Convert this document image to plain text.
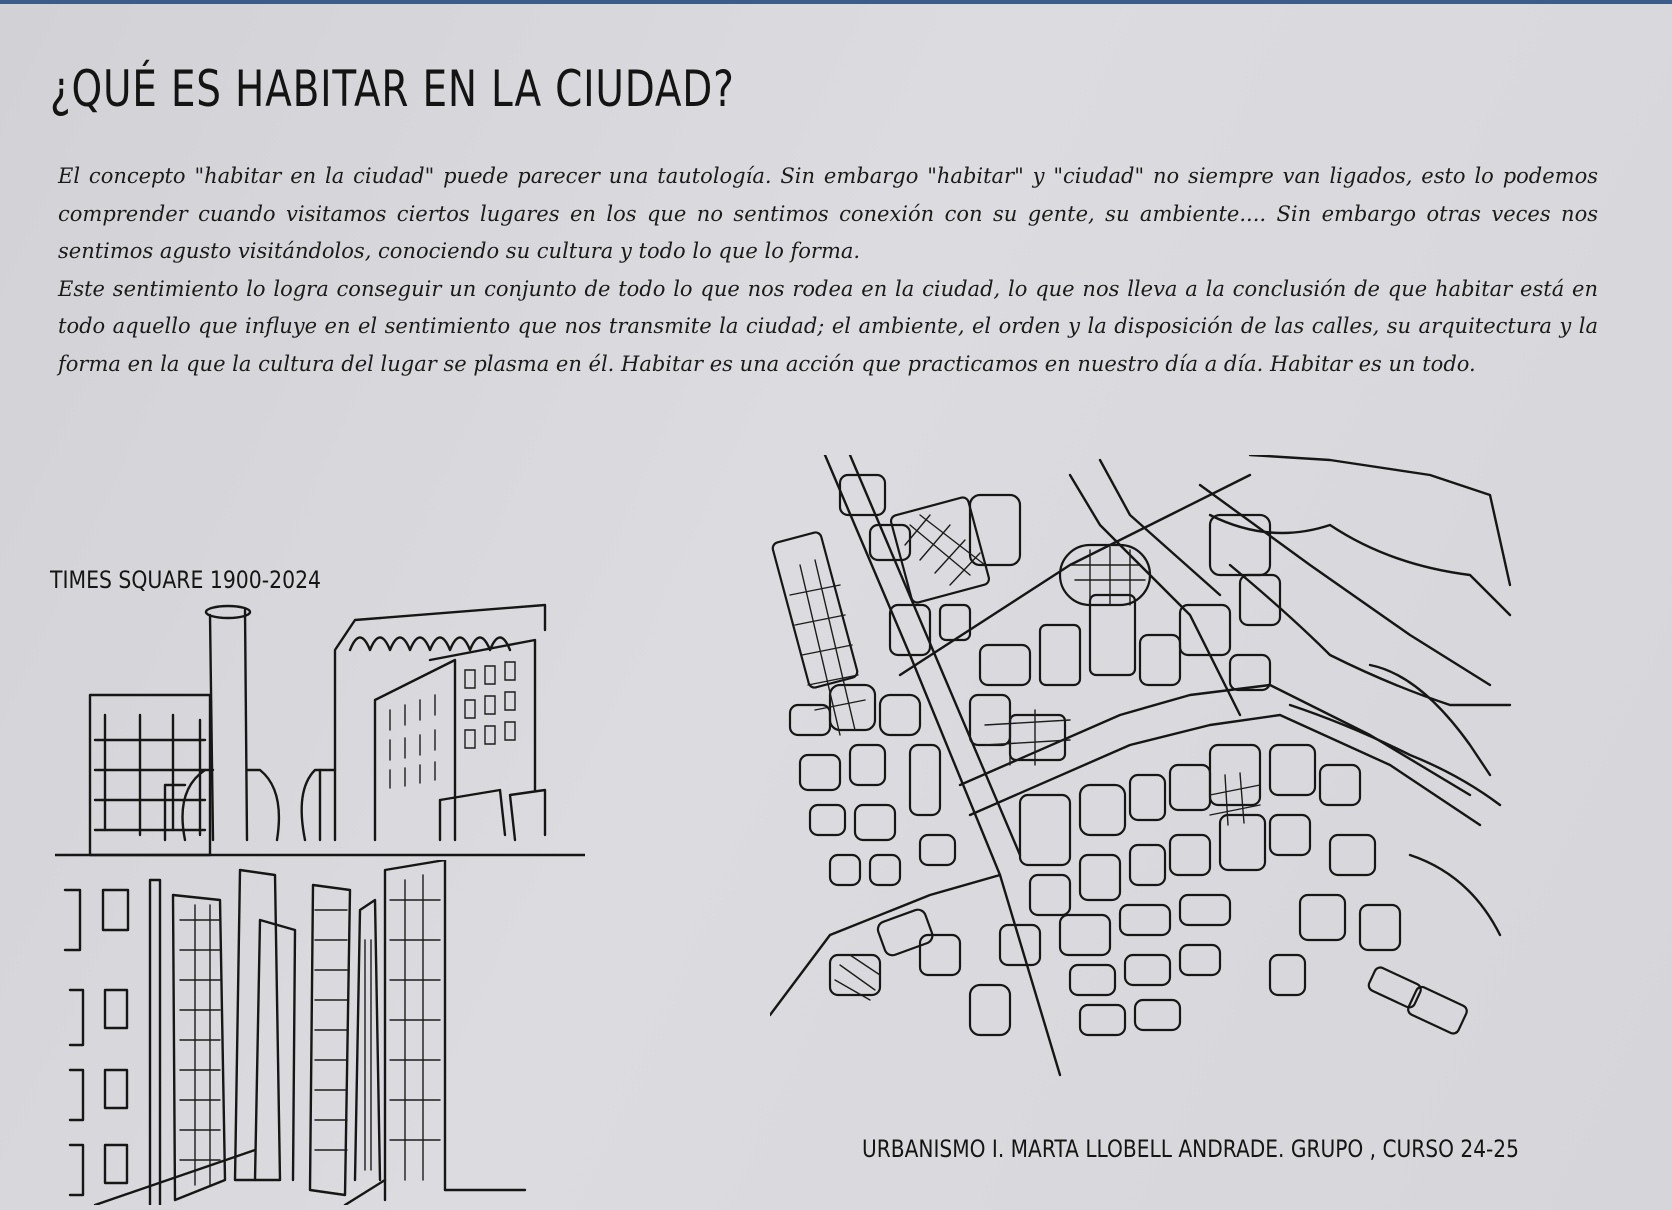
¿QUÉ ES HABITAR EN LA CIUDAD?

El concepto "habitar en la ciudad" puede parecer una tautología. Sin embargo "habitar" y "ciudad" no siempre van ligados, esto lo podemos comprender cuando visitamos ciertos lugares en los que no sentimos conexión con su gente, su ambiente.... Sin embargo otras veces nos sentimos agusto visitándolos, conociendo su cultura y todo lo que lo forma.

Este sentimiento lo logra conseguir un conjunto de todo lo que nos rodea en la ciudad, lo que nos lleva a la conclusión de que habitar está en todo aquello que influye en el sentimiento que nos transmite la ciudad; el ambiente, el orden y la disposición de las calles, su arquitectura y la forma en la que la cultura del lugar se plasma en él. Habitar es una acción que practicamos en nuestro día a día. Habitar es un todo.

TIMES SQUARE 1900-2024
URBANISMO I. MARTA LLOBELL ANDRADE. GRUPO , CURSO 24-25
